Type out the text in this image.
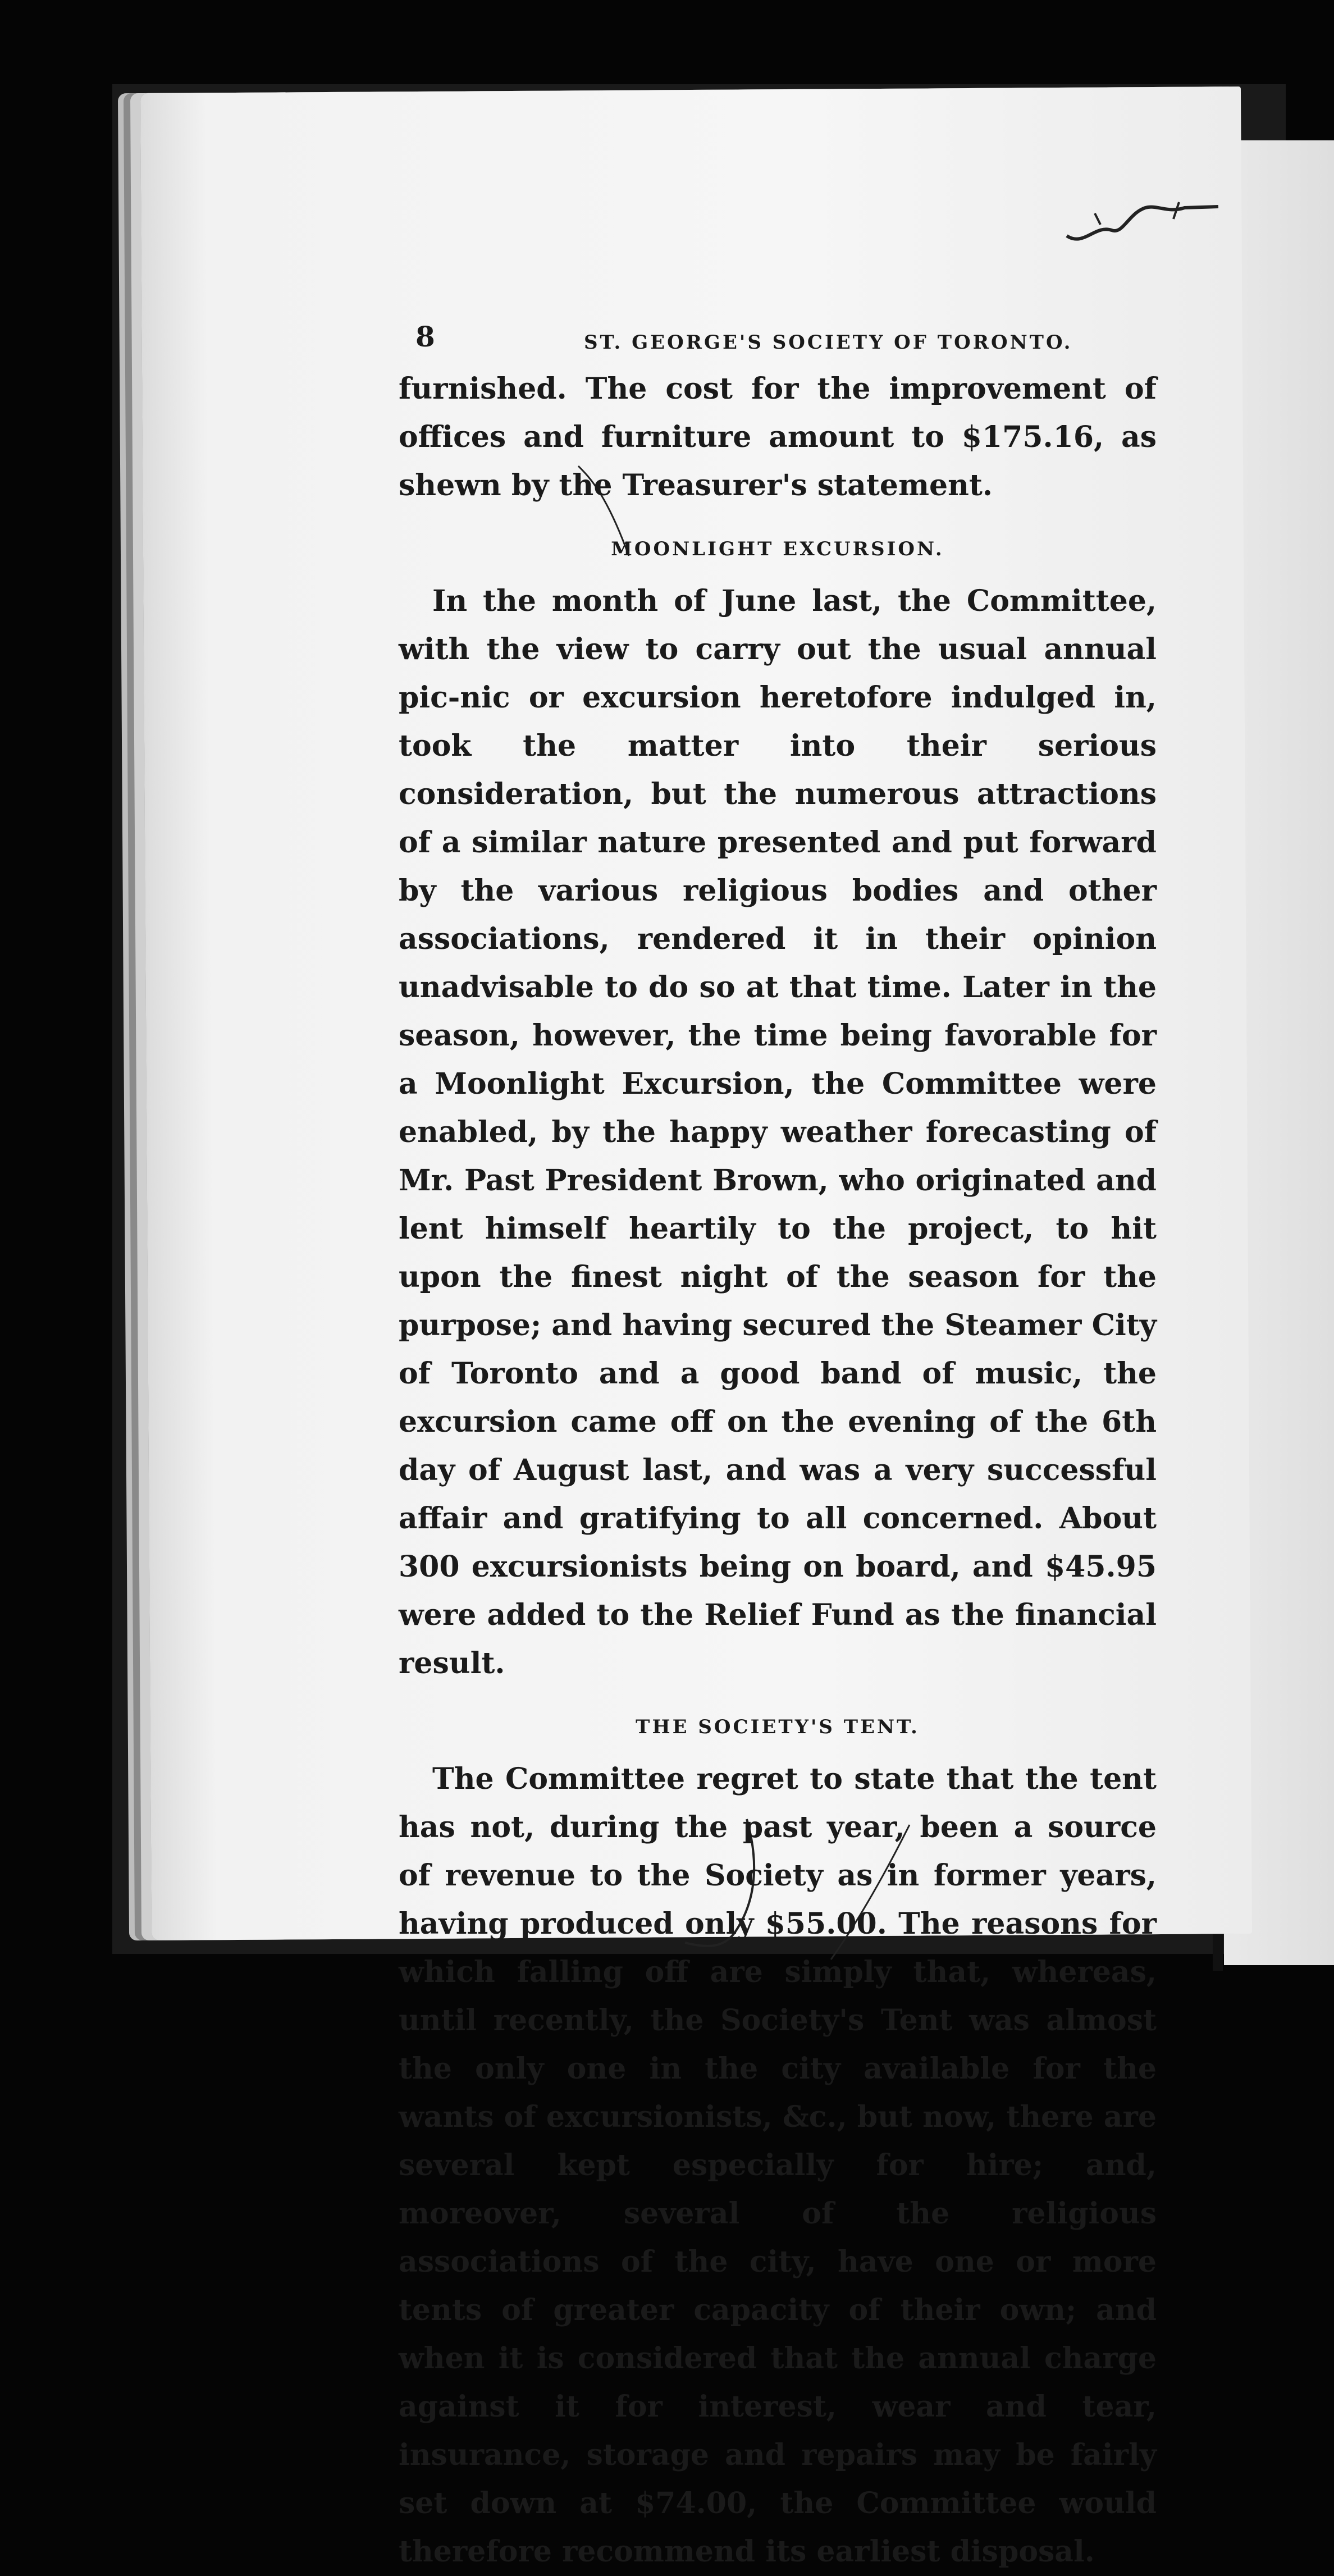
8	ST. GEORGE'S SOCIETY OF TORONTO.

furnished. The cost for the improvement of offices and furniture amount to $175.16, as shewn by the Treasurer's statement.

MOONLIGHT EXCURSION.

In the month of June last, the Committee, with the view to carry out the usual annual pic-nic or excursion heretofore indulged in, took the matter into their serious consideration, but the numerous attractions of a similar nature presented and put forward by the various religious bodies and other associations, rendered it in their opinion unadvisable to do so at that time. Later in the season, however, the time being favorable for a Moonlight Excursion, the Committee were enabled, by the happy weather forecasting of Mr. Past President Brown, who originated and lent himself heartily to the project, to hit upon the finest night of the season for the purpose; and having secured the Steamer City of Toronto and a good band of music, the excursion came off on the evening of the 6th day of August last, and was a very successful affair and gratifying to all concerned. About 300 excursionists being on board, and $45.95 were added to the Relief Fund as the financial result.

THE SOCIETY'S TENT.

The Committee regret to state that the tent has not, during the past year, been a source of revenue to the Society as in former years, having produced only $55.00. The reasons for which falling off are simply that, whereas, until recently, the Society's Tent was almost the only one in the city available for the wants of excursionists, &c., but now, there are several kept especially for hire; and, moreover, several of the religious associations of the city, have one or more tents of greater capacity of their own; and when it is considered that the annual charge against it for interest, wear and tear, insurance, storage and repairs may be fairly set down at $74.00, the Committee would therefore recommend its earliest disposal.
